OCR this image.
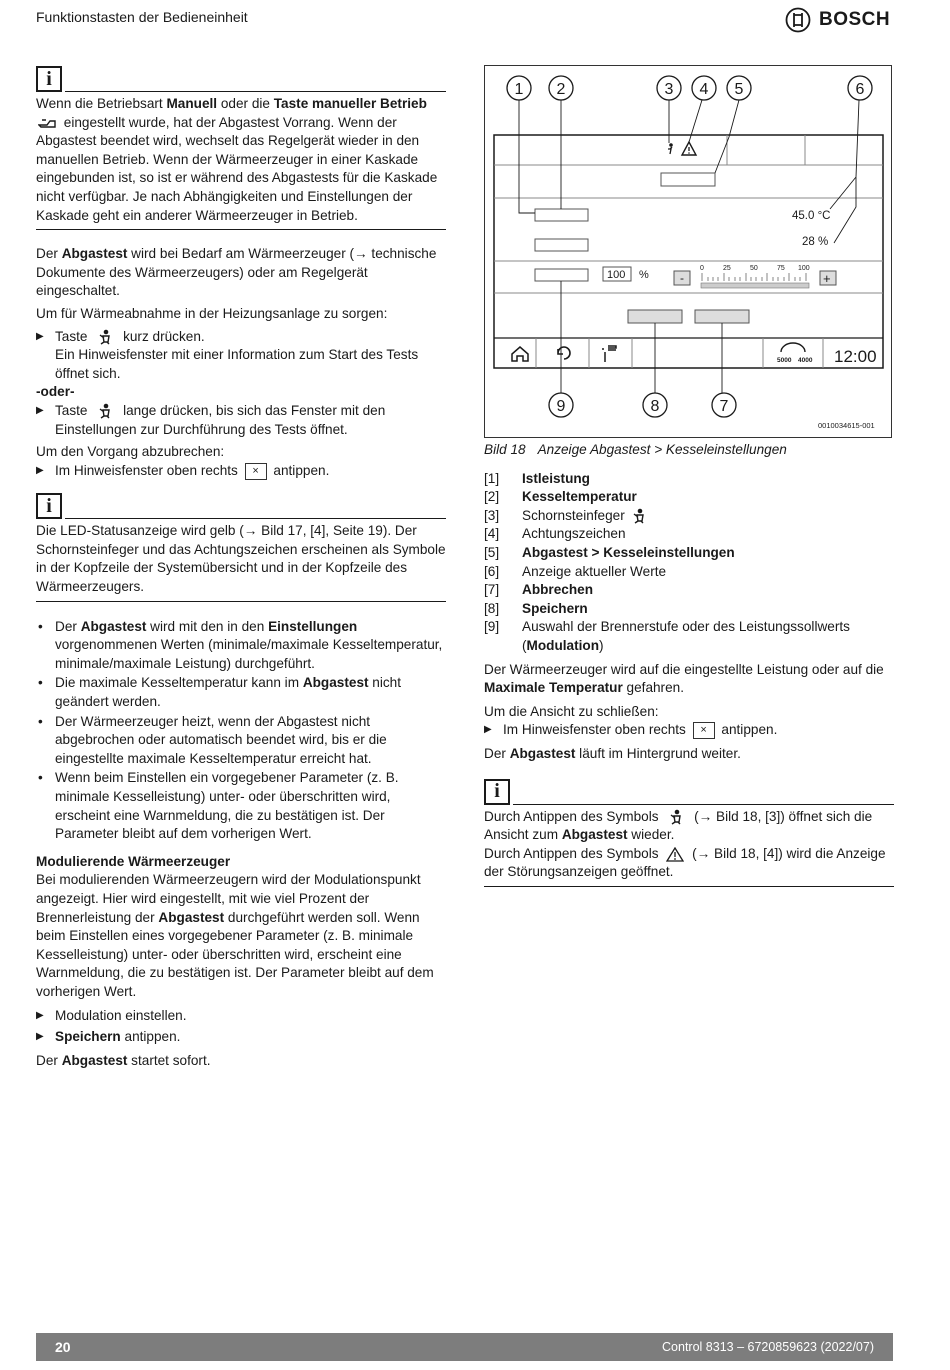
Funktionstasten der Bedieneinheit	BOSCH
i

Wenn die Betriebsart Manuell oder die Taste manueller Betrieb  eingestellt wurde, hat der Abgastest Vorrang. Wenn der Abgastest beendet wird, wechselt das Regelgerät wieder in den manuellen Betrieb. Wenn der Wärmeerzeuger in einer Kaskade eingebunden ist, so ist er während des Abgastests für die Kaskade nicht verfügbar. Je nach Abhängigkeiten und Einstellungen der Kaskade geht ein anderer Wärmeerzeuger in Betrieb.

Der Abgastest wird bei Bedarf am Wärmeerzeuger (→ technische Dokumente des Wärmeerzeugers) oder am Regelgerät eingeschaltet.

Um für Wärmeabnahme in der Heizungsanlage zu sorgen:

▶ Taste	kurz drücken.
Ein Hinweisfenster mit einer Information zum Start des Tests öffnet sich.

-oder-

▶ Taste	lange drücken, bis sich das Fenster mit den Einstellungen zur Durchführung des Tests öffnet.

Um den Vorgang abzubrechen:

▶ Im Hinweisfenster oben rechts × antippen.
i

Die LED-Statusanzeige wird gelb (→ Bild 17, [4], Seite 19). Der Schornsteinfeger und das Achtungszeichen erscheinen als Symbole in der Kopfzeile der Systemübersicht und in der Kopfzeile des Wärmeerzeugers.

• Der Abgastest wird mit den in den Einstellungen vorgenommenen Werten (minimale/maximale Kesseltemperatur, minimale/maximale Leistung) durchgeführt.
• Die maximale Kesseltemperatur kann im Abgastest nicht geändert werden.
• Der Wärmeerzeuger heizt, wenn der Abgastest nicht abgebrochen oder automatisch beendet wird, bis er die eingestellte maximale Kesseltemperatur erreicht hat.
• Wenn beim Einstellen ein vorgegebener Parameter (z. B. minimale Kesselleistung) unter- oder überschritten wird, erscheint eine Warnmeldung, die zu bestätigen ist. Der Parameter bleibt auf dem vorherigen Wert.

Modulierende Wärmeerzeuger

Bei modulierenden Wärmeerzeugern wird der Modulationspunkt angezeigt. Hier wird eingestellt, mit wie viel Prozent der Brennerleistung der Abgastest durchgeführt werden soll. Wenn beim Einstellen eines vorgegebener Parameter (z. B. minimale Kesselleistung) unter- oder überschritten wird, erscheint eine Warnmeldung, die zu bestätigen ist. Der Parameter bleibt auf dem vorherigen Wert.

▶ Modulation einstellen.
▶ Speichern antippen.

Der Abgastest startet sofort.

45.0 °C
28 %
100 %	-	+
0	25	50	75 100
5000 4000 12:00
1 2	3 4 5	6
7
8
9
0010034615-001

Bild 18 Anzeige Abgastest > Kesseleinstellungen

[1]	Istleistung
[2]	Kesseltemperatur
[3]	Schornsteinfeger
[4]	Achtungszeichen
[5]	Abgastest > Kesseleinstellungen
[6]	Anzeige aktueller Werte
[7]	Abbrechen
[8]	Speichern
[9]	Auswahl der Brennerstufe oder des Leistungssollwerts
(Modulation)

Der Wärmeerzeuger wird auf die eingestellte Leistung oder auf die Maximale Temperatur gefahren.

Um die Ansicht zu schließen:

▶ Im Hinweisfenster oben rechts × antippen.

Der Abgastest läuft im Hintergrund weiter.

i

Durch Antippen des Symbols	(→ Bild 18, [3]) öffnet sich die Ansicht zum Abgastest wieder.
Durch Antippen des Symbols (→ Bild 18, [4]) wird die Anzeige der Störungsanzeigen geöffnet.

20	Control 8313 – 6720859623 (2022/07)
